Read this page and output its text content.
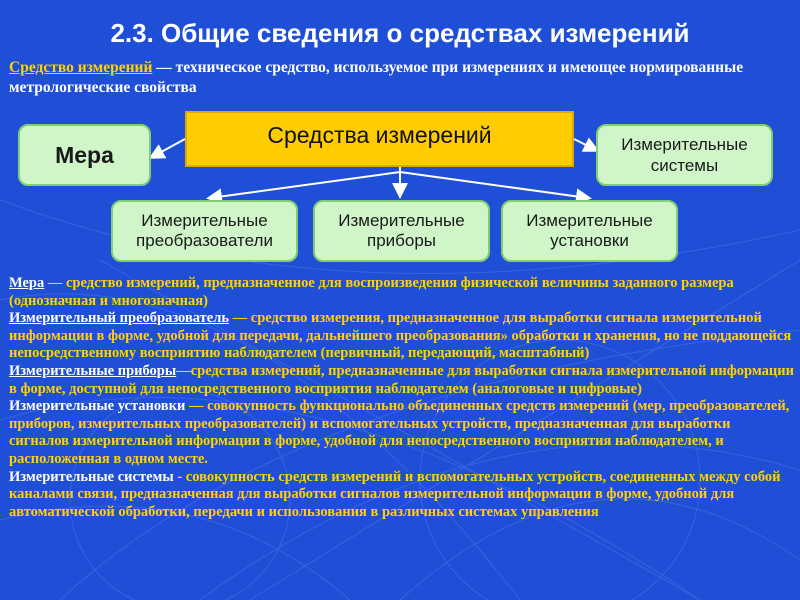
2.3. Общие сведения о средствах измерений
Средство измерений — техническое средство, используемое при измерениях и имеющее нормированные метрологические свойства
Средства измерений
Мера	Измерительные системы
Измерительные преобразователи
Измерительные приборы
Измерительные установки

Мера — средство измерений, предназначенное для воспроизведения физической величины заданного размера (однозначная и многозначная)

Измерительный преобразователь — средство измерения, предназначенное для выработки сигнала измерительной информации в форме, удобной для передачи, дальнейшего преобразования» обработки и хранения, но не поддающейся непосредственному восприятию наблюдателем (первичный, передающий, масштабный)

Измерительные приборы—средства измерений, предназначенные для выработки сигнала измерительной информации в форме, доступной для непосредственного восприятия наблюдателем (аналоговые и цифровые)

Измерительные установки — совокупность функционально объединенных средств измерений (мер, преобразователей, приборов, измерительных преобразователей) и вспомогательных устройств, предназначенная для выработки сигналов измерительной информации в форме, удобной для непосредственного восприятия наблюдателем, и расположенная в одном месте.

Измерительные системы - совокупность средств измерений и вспомогательных устройств, соединенных между собой каналами связи, предназначенная для выработки сигналов измерительной информации в форме, удобной для автоматической обработки, передачи и использования в различных системах управления
